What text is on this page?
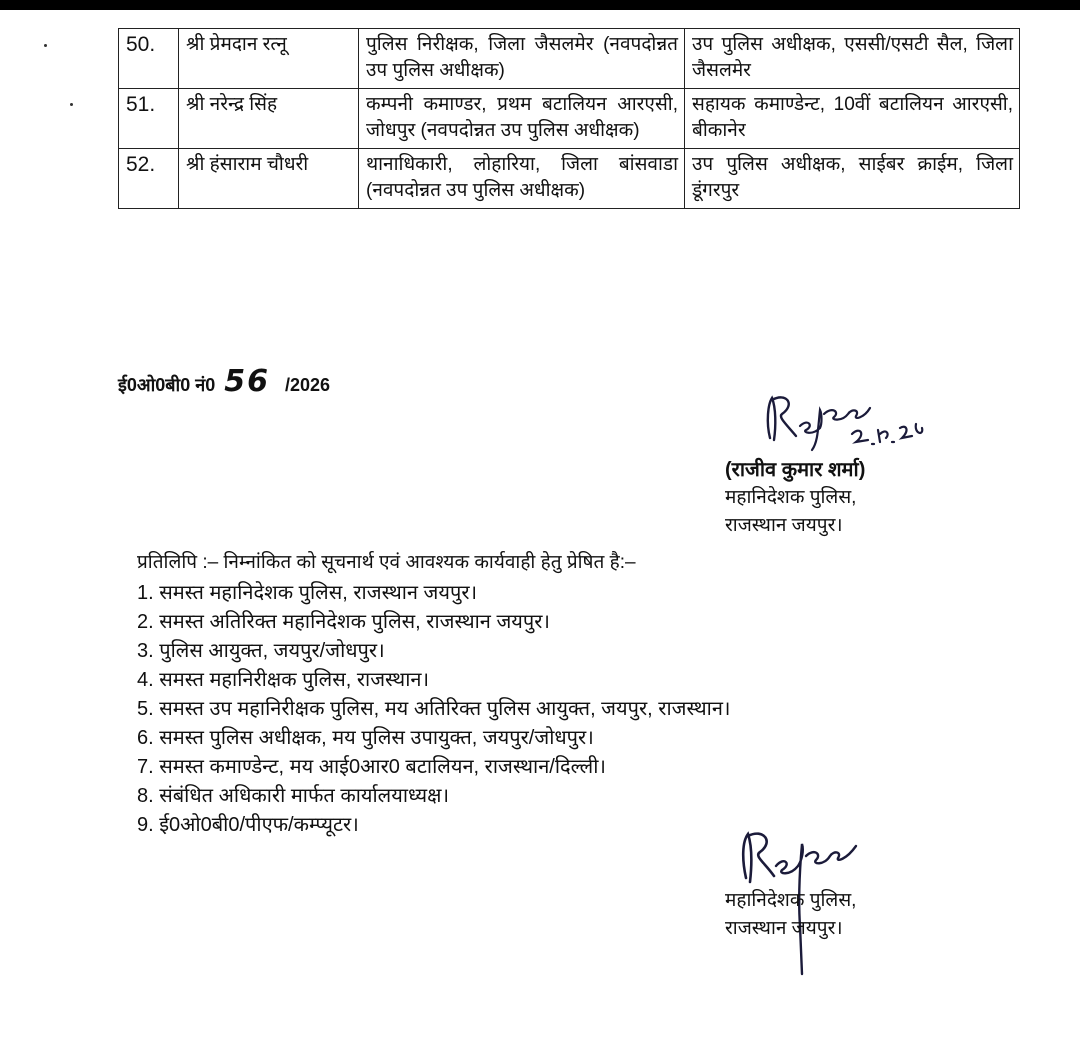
50.	श्री प्रेमदान रत्नू	पुलिस निरीक्षक, जिला जैसलमेर (नवपदोन्नत उप पुलिस अधीक्षक)	उप पुलिस अधीक्षक, एससी/एसटी सैल, जिला जैसलमेर
51.	श्री नरेन्द्र सिंह	कम्पनी कमाण्डर, प्रथम बटालियन आरएसी, जोधपुर (नवपदोन्नत उप पुलिस अधीक्षक)	सहायक कमाण्डेन्ट, 10वीं बटालियन आरएसी, बीकानेर
52.	श्री हंसाराम चौधरी	थानाधिकारी, लोहारिया, जिला बांसवाडा (नवपदोन्नत उप पुलिस अधीक्षक)	उप पुलिस अधीक्षक, साईबर क्राईम, जिला डूंगरपुर
ई0ओ0बी0 नं0 56 /2026
(राजीव कुमार शर्मा)
महानिदेशक पुलिस,
राजस्थान जयपुर।
प्रतिलिपि :– निम्नांकित को सूचनार्थ एवं आवश्यक कार्यवाही हेतु प्रेषित है:–
1. समस्त महानिदेशक पुलिस, राजस्थान जयपुर।
2. समस्त अतिरिक्त महानिदेशक पुलिस, राजस्थान जयपुर।
3. पुलिस आयुक्त, जयपुर/जोधपुर।
4. समस्त महानिरीक्षक पुलिस, राजस्थान।
5. समस्त उप महानिरीक्षक पुलिस, मय अतिरिक्त पुलिस आयुक्त, जयपुर, राजस्थान।
6. समस्त पुलिस अधीक्षक, मय पुलिस उपायुक्त, जयपुर/जोधपुर।
7. समस्त कमाण्डेन्ट, मय आई0आर0 बटालियन, राजस्थान/दिल्ली।
8. संबंधित अधिकारी मार्फत कार्यालयाध्यक्ष।
9. ई0ओ0बी0/पीएफ/कम्प्यूटर।
महानिदेशक पुलिस,
राजस्थान जयपुर।
